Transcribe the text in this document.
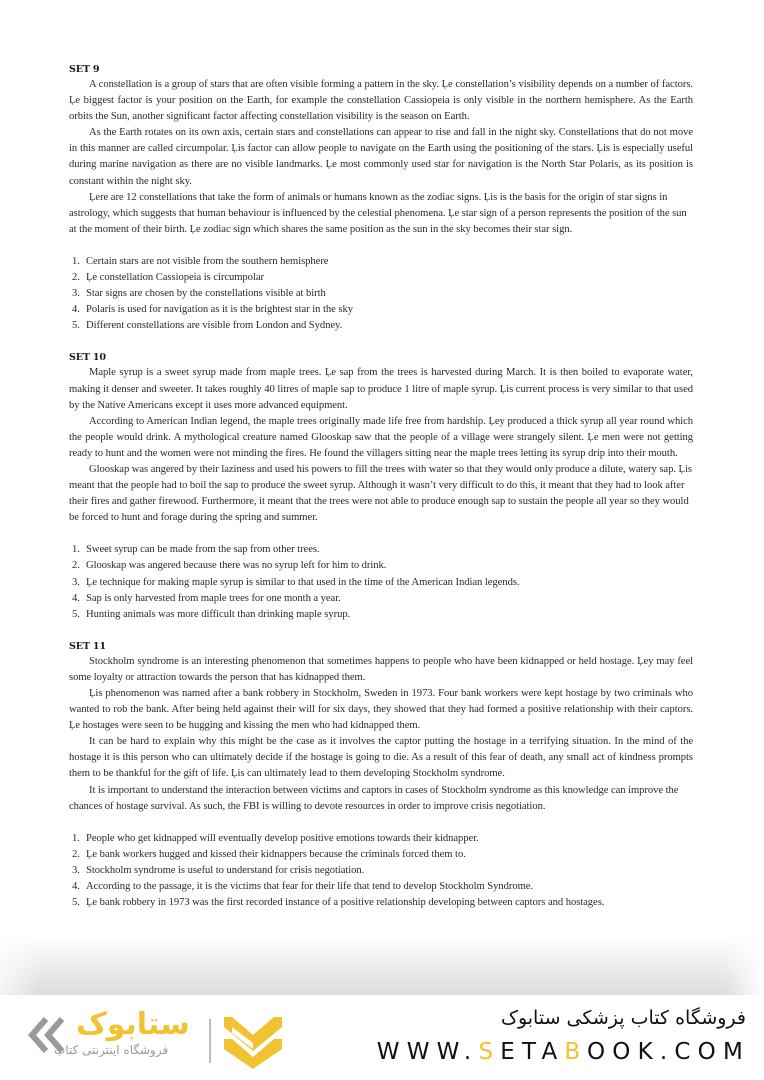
SET 9

A constellation is a group of stars that are often visible forming a pattern in the sky. Ļe constellation’s visibility depends on a number of factors. Ļe biggest factor is your position on the Earth, for example the constellation Cassiopeia is only visible in the northern hemisphere. As the Earth orbits the Sun, another significant factor affecting constellation visibility is the season on Earth.

As the Earth rotates on its own axis, certain stars and constellations can appear to rise and fall in the night sky. Constellations that do not move in this manner are called circumpolar. Ļis factor can allow people to navigate on the Earth using the positioning of the stars. Ļis is especially useful during marine navigation as there are no visible landmarks. Ļe most commonly used star for navigation is the North Star Polaris, as its position is constant within the night sky.

Ļere are 12 constellations that take the form of animals or humans known as the zodiac signs. Ļis is the basis for the origin of star signs in astrology, which suggests that human behaviour is influenced by the celestial phenomena. Ļe star sign of a person represents the position of the sun at the moment of their birth. Ļe zodiac sign which shares the same position as the sun in the sky becomes their star sign.

1. Certain stars are not visible from the southern hemisphere
2. Ļe constellation Cassiopeia is circumpolar
3. Star signs are chosen by the constellations visible at birth
4. Polaris is used for navigation as it is the brightest star in the sky
5. Different constellations are visible from London and Sydney.
SET 10

Maple syrup is a sweet syrup made from maple trees. Ļe sap from the trees is harvested during March. It is then boiled to evaporate water, making it denser and sweeter. It takes roughly 40 litres of maple sap to produce 1 litre of maple syrup. Ļis current process is very similar to that used by the Native Americans except it uses more advanced equipment.

According to American Indian legend, the maple trees originally made life free from hardship. Ļey produced a thick syrup all year round which the people would drink. A mythological creature named Glooskap saw that the people of a village were strangely silent. Ļe men were not getting ready to hunt and the women were not minding the fires. He found the villagers sitting near the maple trees letting its syrup drip into their mouth.

Glooskap was angered by their laziness and used his powers to fill the trees with water so that they would only produce a dilute, watery sap. Ļis meant that the people had to boil the sap to produce the sweet syrup. Although it wasn’t very difficult to do this, it meant that they had to look after their fires and gather firewood. Furthermore, it meant that the trees were not able to produce enough sap to sustain the people all year so they would be forced to hunt and forage during the spring and summer.

1. Sweet syrup can be made from the sap from other trees.
2. Glooskap was angered because there was no syrup left for him to drink.
3. Ļe technique for making maple syrup is similar to that used in the time of the American Indian legends.
4. Sap is only harvested from maple trees for one month a year.
5. Hunting animals was more difficult than drinking maple syrup.
SET 11

Stockholm syndrome is an interesting phenomenon that sometimes happens to people who have been kidnapped or held hostage. Ļey may feel some loyalty or attraction towards the person that has kidnapped them.

Ļis phenomenon was named after a bank robbery in Stockholm, Sweden in 1973. Four bank workers were kept hostage by two criminals who wanted to rob the bank. After being held against their will for six days, they showed that they had formed a positive relationship with their captors. Ļe hostages were seen to be hugging and kissing the men who had kidnapped them.

It can be hard to explain why this might be the case as it involves the captor putting the hostage in a terrifying situation. In the mind of the hostage it is this person who can ultimately decide if the hostage is going to die. As a result of this fear of death, any small act of kindness prompts them to be thankful for the gift of life. Ļis can ultimately lead to them developing Stockholm syndrome.

It is important to understand the interaction between victims and captors in cases of Stockholm syndrome as this knowledge can improve the chances of hostage survival. As such, the FBI is willing to devote resources in order to improve crisis negotiation.

1. People who get kidnapped will eventually develop positive emotions towards their kidnapper.
2. Ļe bank workers hugged and kissed their kidnappers because the criminals forced them to.
3. Stockholm syndrome is useful to understand for crisis negotiation.
4. According to the passage, it is the victims that fear for their life that tend to develop Stockholm Syndrome.
5. Ļe bank robbery in 1973 was the first recorded instance of a positive relationship developing between captors and hostages.
ستابوک
فروشگاه اینترنتی کتاب
فروشگاه کتاب پزشکی ستابوک
WWW.SETABOOK.COM
